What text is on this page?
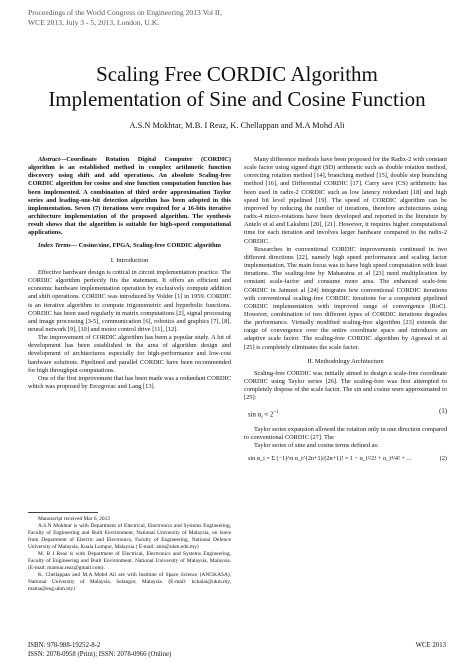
Proceedings of the World Congress on Engineering 2013 Vol II,
WCE 2013, July 3 - 5, 2013, London, U.K.
Scaling Free CORDIC Algorithm
Implementation of Sine and Cosine Function
A.S.N Mokhtar, M.B. I Reaz, K. Chellappan and M.A Mohd Ali

Abstract—Coordinate Rotation Digital Computer (CORDIC) algorithm is an established method in complex arithmetic function discovery using shift and add operations. An absolute Scaling-free CORDIC algorithm for cosine and sine function computation function has been implemented. A combination of third order approximation Taylor series and leading-one-bit detection algorithm has been adopted in this implementation. Seven (7) iterations were required for a 16-bits iterative architecture implementation of the proposed algorithm. The synthesis result shows that the algorithm is suitable for high-speed computational applications.

Index Terms— Cosine/sine, FPGA, Scaling-free CORDIC algorithm

I. Introduction

Effective hardware design is critical in circuit implementation practice. The CORDIC algorithm perfectly fits the statement. It offers an efficient and economic hardware implementation operation by exclusively compute addition and shift operations. CORDIC was introduced by Volder [1] in 1959. CORDIC is an iterative algorithm to compute trigonometric and hyperbolic functions. CORDIC has been used regularly in matrix computations [2], signal processing and image processing [3-5], communication [6], robotics and graphics [7], [8], neural network [9], [10] and motor control drive [11], [12].

The improvement of CORDIC algorithm has been a popular study. A lot of development has been established in the area of algorithm design and development of architectures especially for high-performance and low-cost hardware solutions. Pipelined and parallel CORDIC have been recommended for high throughput computations.

One of the first improvement that has been made was a redundant CORDIC which was proposed by Ercegovac and Lang [13].

Manuscript received Mar 6, 2013

A.S.N Mokhtar is with Department of Electrical, Electronics and Systems Engineering, Faculty of Engineering and Built Environment, National University of Malaysia, on leave from Department of Electric and Electronics, Faculty of Engineering, National Defence University of Malaysia, Kuala Lumpur, Malaysia ( E-mail: anis@ukm.edu.my)

M. B I Reaz is with Department of Electrical, Electronics and Systems Engineering, Faculty of Engineering and Built Environment, National University of Malaysia, Malaysia. (E-mail: mamun.reaz@gmail.com).

K. Chellappan and M.A Mohd Ali are with Institute of Space Science (ANGKASA), National University of Malaysia, Selangor, Malaysia. (E-mail: kckalai@ukm.my, mama@eng.ukm.my)

Many difference methods have been proposed for the Radix-2 with constant scale factor using signed digit (SD) arithmetic such as double rotation method, correcting rotation method [14], branching method [15], double step branching method [16], and Differential CORDIC [17]. Carry save (CS) arithmetic has been used in radix-2 CORDIC such as low latency redundant [18] and high speed bit level pipelined [19]. The speed of CORDIC algorithm can be improved by reducing the number of iterations, therefore architectures using radix-4 micro-rotations have been developed and reported in the literature by Antelo et al and Lakshmi [20], [21]. However, it requires higher computational time for each iteration and involves larger hardware compared to the radix-2 CORDIC.

Researches in conventional CORDIC improvements continued in two different directions [22], namely high speed performance and scaling factor implementation. The main focus was to have high speed computation with least iterations. The scaling-free by Maharatna et al [23] need multiplication by constant scale-factor and consume more area. The enhanced scale-free CORDIC in Jaimeet al [24] integrates few conventional CORDIC iterations with conventional scaling-free CORDIC iterations for a competent pipelined CORDIC implementation with improved range of convergence (RoC). However, combination of two different types of CORDIC iterations degrades the performance. Virtually modified scaling-free algorithm [23] extends the range of convergence over the entire coordinate space and introduces an adaptive scale factor. The scaling-free CORDIC algorithm by Agrawal et al [25] is completely eliminates the scale factor.

II. Methodology Architecture

Scaling-free CORDIC was initially aimed to design a scale-free coordinate CORDIC using Taylor series [26]. The scaling-free was first attempted to completely dispose of the scale factor. The sin and cosine were approximated to [25]:

$\sin \alpha_i \approx 2^{-i}$	(1)

Taylor series expansion allowed the rotation only in one direction compared to conventional CORDIC [27]. The

Taylor series of sine and cosine terms defined as:

sin α_i = Σ (−1)^n α_i^(2n+1)/(2n+1)! = 1 − α_i²/2! + α_i⁴/4! + ...	(2)
ISBN: 978-988-19252-8-2
ISSN: 2078-0958 (Print); ISSN: 2078-0966 (Online)
WCE 2013
